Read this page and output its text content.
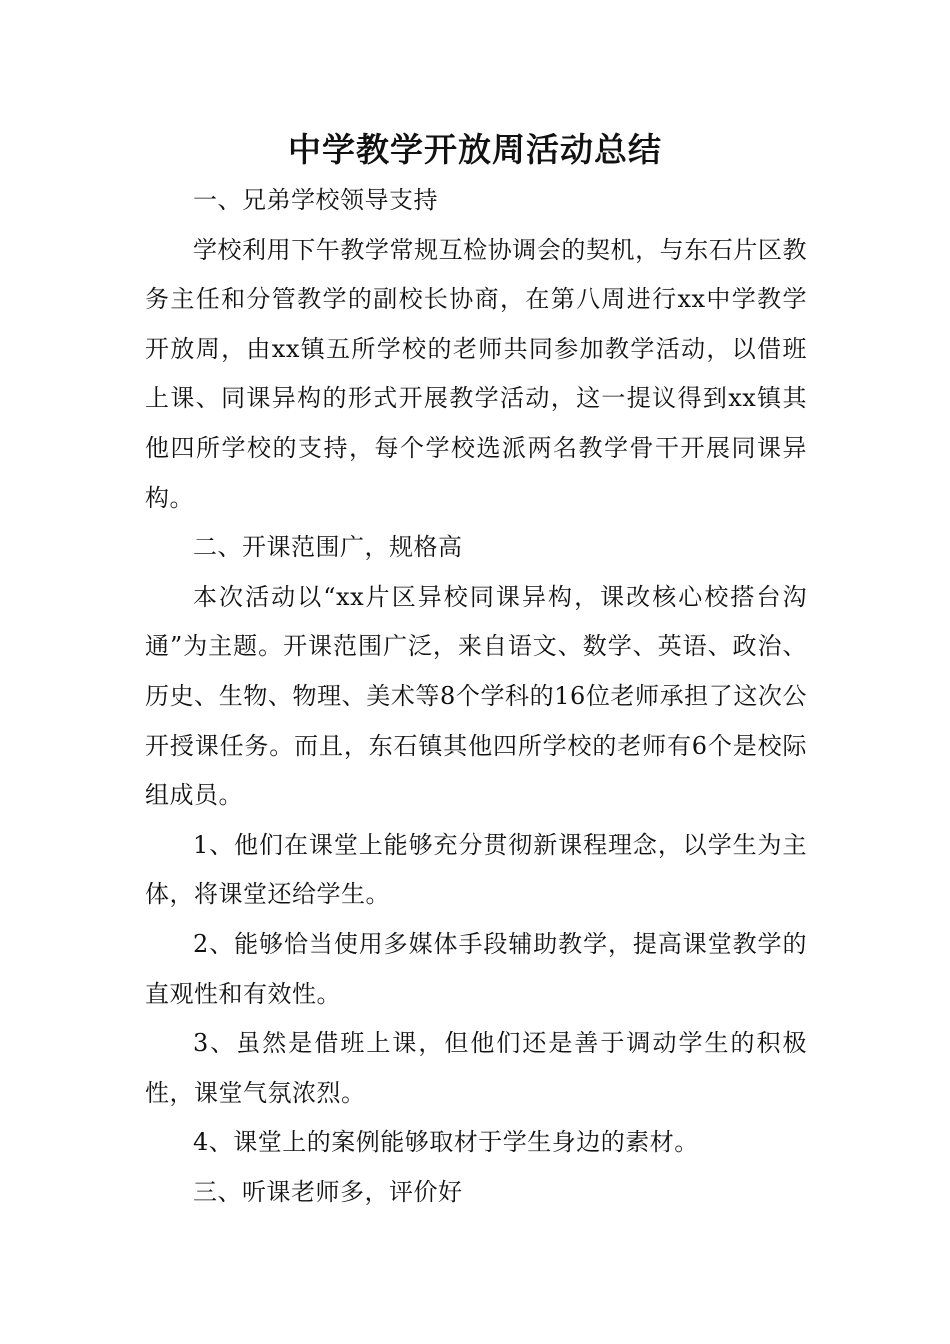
中学教学开放周活动总结

一、兄弟学校领导支持

学校利用下午教学常规互检协调会的契机，与东石片区教务主任和分管教学的副校长协商，在第八周进行xx中学教学开放周，由xx镇五所学校的老师共同参加教学活动，以借班上课、同课异构的形式开展教学活动，这一提议得到xx镇其他四所学校的支持，每个学校选派两名教学骨干开展同课异构。

二、开课范围广，规格高

本次活动以“xx片区异校同课异构，课改核心校搭台沟通”为主题。开课范围广泛，来自语文、数学、英语、政治、历史、生物、物理、美术等8个学科的16位老师承担了这次公开授课任务。而且，东石镇其他四所学校的老师有6个是校际组成员。

1、他们在课堂上能够充分贯彻新课程理念，以学生为主体，将课堂还给学生。

2、能够恰当使用多媒体手段辅助教学，提高课堂教学的直观性和有效性。

3、虽然是借班上课，但他们还是善于调动学生的积极性，课堂气氛浓烈。

4、课堂上的案例能够取材于学生身边的素材。

三、听课老师多，评价好
